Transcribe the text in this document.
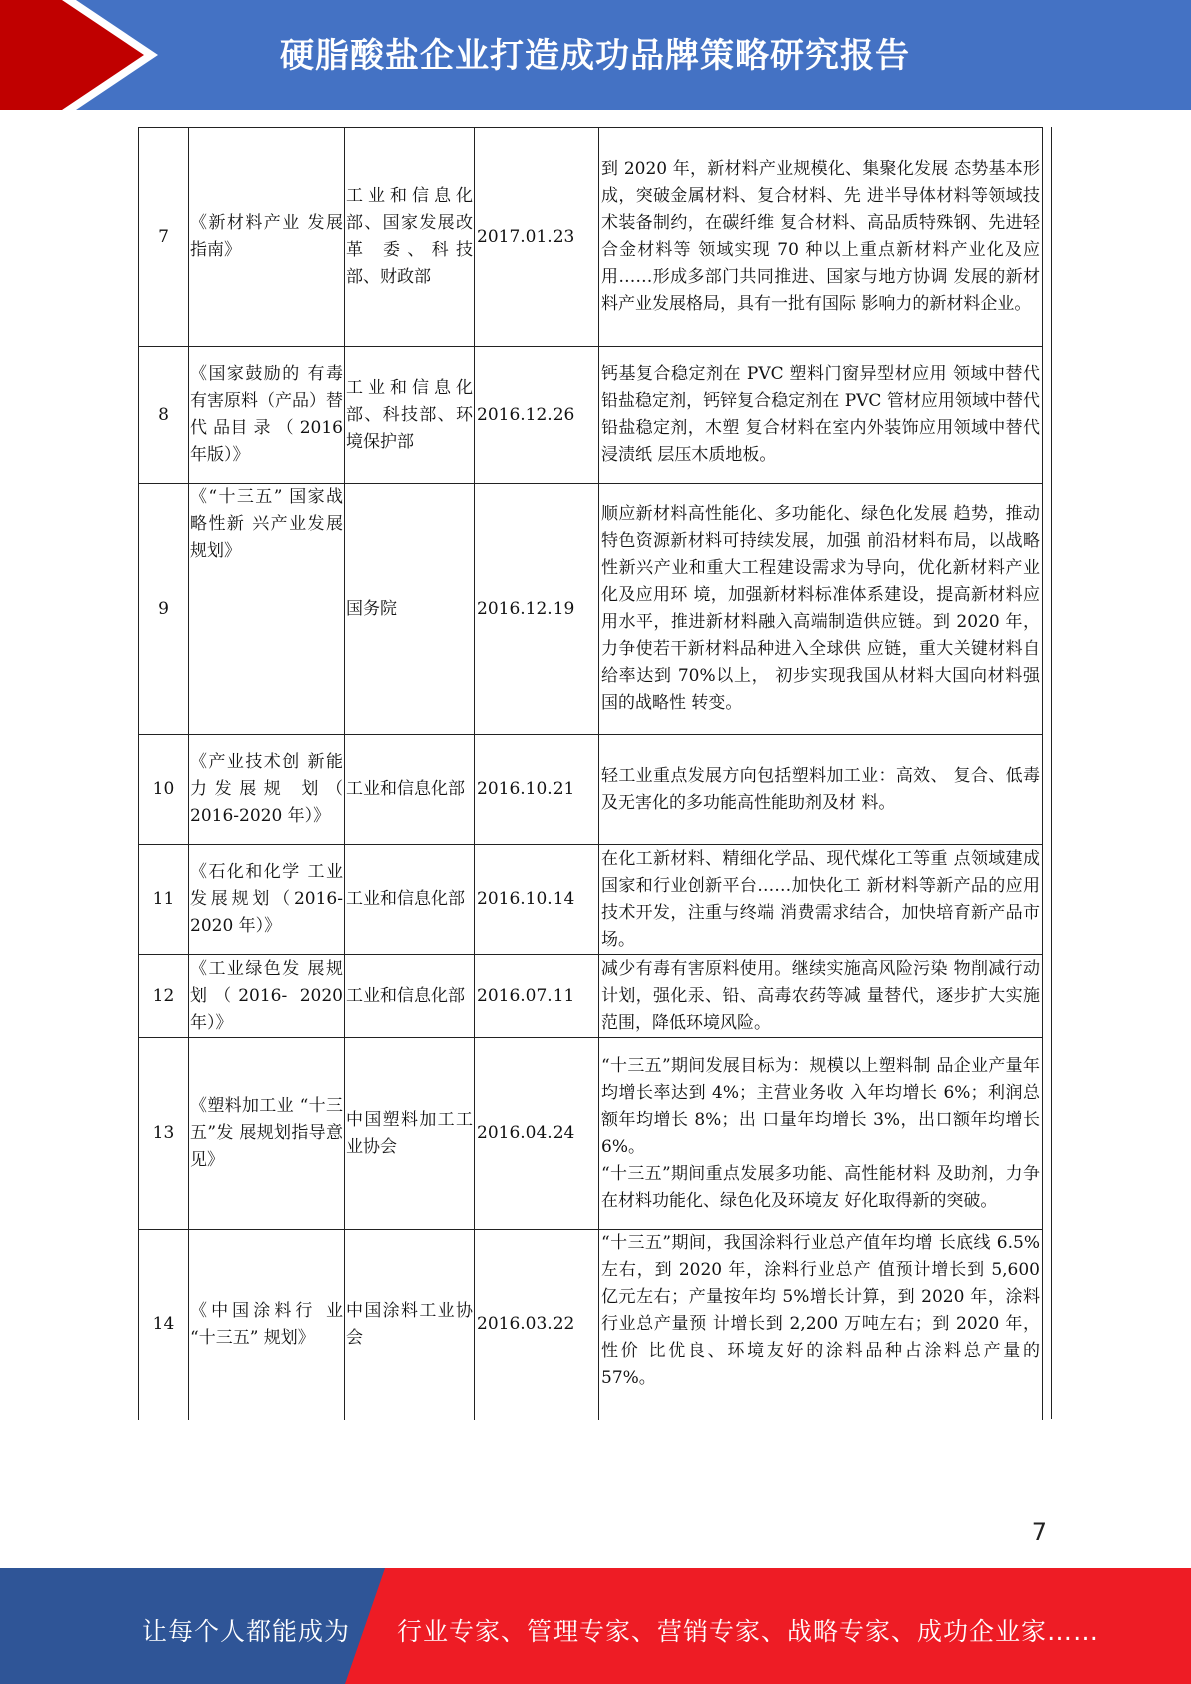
硬脂酸盐企业打造成功品牌策略研究报告
7	《新材料产业 发展指南》	工业和信息化部、国家发展改革 委、科技 部、财政部	2017.01.23	到 2020 年，新材料产业规模化、集聚化发展 态势基本形成，突破金属材料、复合材料、先 进半导体材料等领域技术装备制约，在碳纤维 复合材料、高品质特殊钢、先进轻合金材料等 领域实现 70 种以上重点新材料产业化及应 用……形成多部门共同推进、国家与地方协调 发展的新材料产业发展格局，具有一批有国际 影响力的新材料企业。
8	《国家鼓励的 有毒有害原料（产品）替代 品目 录 （ 2016 年版）》	工业和信息化部、科技部、环境保护部	2016.12.26	钙基复合稳定剂在 PVC 塑料门窗异型材应用 领域中替代铅盐稳定剂，钙锌复合稳定剂在 PVC 管材应用领域中替代铅盐稳定剂，木塑 复合材料在室内外装饰应用领域中替代浸渍纸 层压木质地板。
9	《“十三五” 国家战略性新 兴产业发展规划》	国务院	2016.12.19	顺应新材料高性能化、多功能化、绿色化发展 趋势，推动特色资源新材料可持续发展，加强 前沿材料布局，以战略性新兴产业和重大工程建设需求为导向，优化新材料产业化及应用环 境，加强新材料标准体系建设，提高新材料应 用水平，推进新材料融入高端制造供应链。到 2020 年，力争使若干新材料品种进入全球供 应链，重大关键材料自给率达到 70%以上， 初步实现我国从材料大国向材料强国的战略性 转变。
10	《产业技术创 新能力发展规 划（ 2016-2020 年）》	工业和信息化部	2016.10.21	轻工业重点发展方向包括塑料加工业：高效、 复合、低毒及无害化的多功能高性能助剂及材 料。
11	《石化和化学 工业发展规划（2016-2020 年）》	工业和信息化部	2016.10.14	在化工新材料、精细化学品、现代煤化工等重 点领域建成国家和行业创新平台……加快化工 新材料等新产品的应用技术开发，注重与终端 消费需求结合，加快培育新产品市场。
12	《工业绿色发 展规划（2016- 2020 年）》	工业和信息化部	2016.07.11	减少有毒有害原料使用。继续实施高风险污染 物削减行动计划，强化汞、铅、高毒农药等减 量替代，逐步扩大实施范围，降低环境风险。
13	《塑料加工业 “十三五”发 展规划指导意 见》	中国塑料加工工业协会	2016.04.24	“十三五”期间发展目标为：规模以上塑料制 品企业产量年均增长率达到 4%；主营业务收 入年均增长 6%；利润总额年均增长 8%；出 口量年均增长 3%，出口额年均增长 6%。
“十三五”期间重点发展多功能、高性能材料 及助剂，力争在材料功能化、绿色化及环境友 好化取得新的突破。

14	《中国涂料行 业 “十三五” 规划》	中国涂料工业协会	2016.03.22	“十三五”期间，我国涂料行业总产值年均增 长底线 6.5%左右，到 2020 年，涂料行业总产 值预计增长到 5,600 亿元左右；产量按年均 5%增长计算，到 2020 年，涂料行业总产量预 计增长到 2,200 万吨左右；到 2020 年，性价 比优良、环境友好的涂料品种占涂料总产量的 57%。
7
让每个人都能成为 行业专家、管理专家、营销专家、战略专家、成功企业家……
